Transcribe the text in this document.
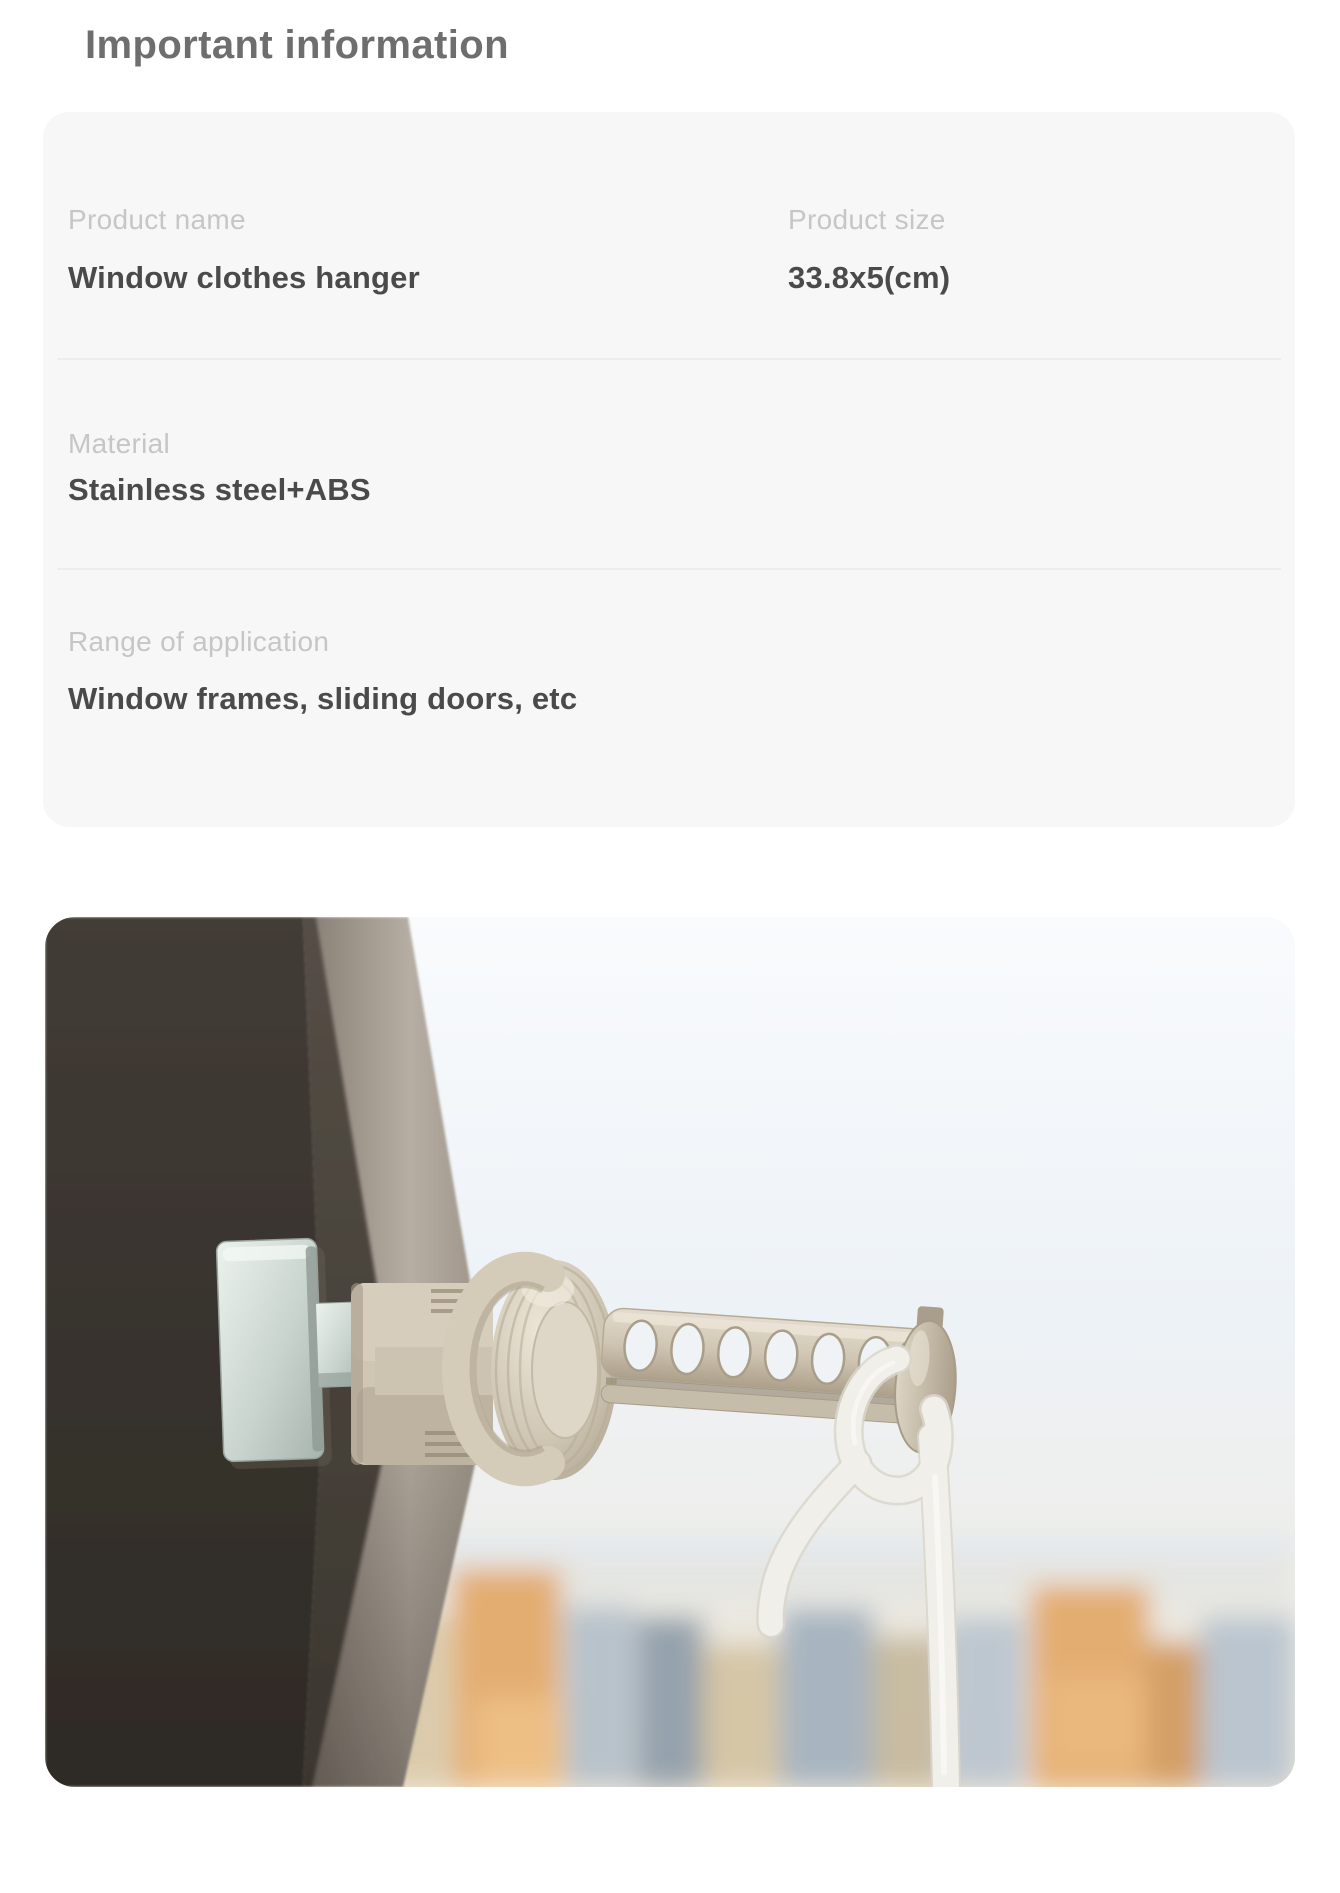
Important information
Product name
Window clothes hanger
Product size
33.8x5(cm)
Material
Stainless steel+ABS
Range of application
Window frames, sliding doors, etc
